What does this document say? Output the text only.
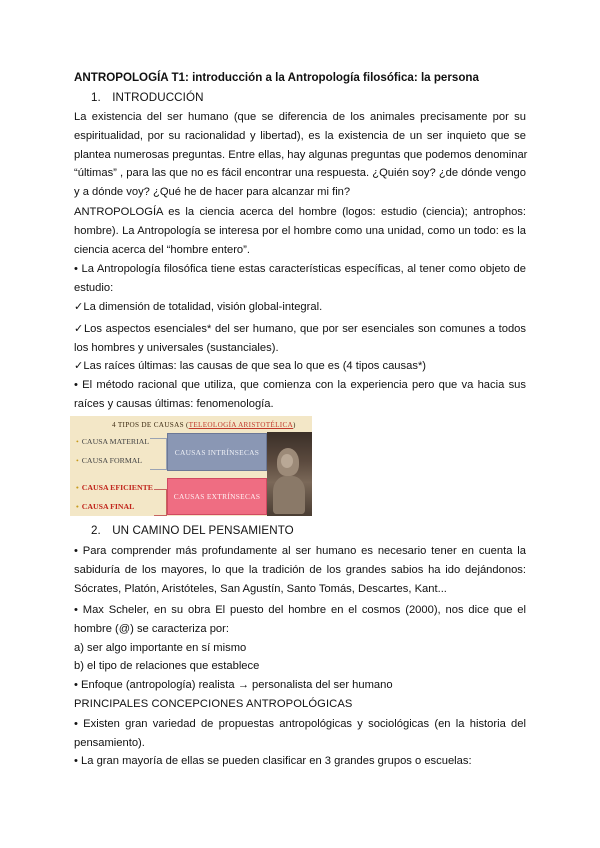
ANTROPOLOGÍA T1: introducción a la Antropología filosófica: la persona
1. INTRODUCCIÓN
La existencia del ser humano (que se diferencia de los animales precisamente por su
espiritualidad, por su racionalidad y libertad), es la existencia de un ser inquieto que se
plantea numerosas preguntas. Entre ellas, hay algunas preguntas que podemos denominar
“últimas” , para las que no es fácil encontrar una respuesta. ¿Quién soy? ¿de dónde vengo
y a dónde voy? ¿Qué he de hacer para alcanzar mi fin?
ANTROPOLOGÍA es la ciencia acerca del hombre (logos: estudio (ciencia); antrophos:
hombre). La Antropología se interesa por el hombre como una unidad, como un todo: es la
ciencia acerca del “hombre entero”.
• La Antropología filosófica tiene estas características específicas, al tener como objeto de
estudio:
✓La dimensión de totalidad, visión global-integral.
✓Los aspectos esenciales* del ser humano, que por ser esenciales son comunes a todos
los hombres y universales (sustanciales).
✓Las raíces últimas: las causas de que sea lo que es (4 tipos causas*)
• El método racional que utiliza, que comienza con la experiencia pero que va hacia sus
raíces y causas últimas: fenomenología.
4 TIPOS DE CAUSAS (TELEOLOGÍA ARISTOTÉLICA)
• CAUSA MATERIAL
• CAUSA FORMAL
• CAUSA EFICIENTE
• CAUSA FINAL
CAUSAS INTRÍNSECAS
CAUSAS EXTRÍNSECAS
2. UN CAMINO DEL PENSAMIENTO
• Para comprender más profundamente al ser humano es necesario tener en cuenta la
sabiduría de los mayores, lo que la tradición de los grandes sabios ha ido dejándonos:
Sócrates, Platón, Aristóteles, San Agustín, Santo Tomás, Descartes, Kant...
• Max Scheler, en su obra El puesto del hombre en el cosmos (2000), nos dice que el
hombre (@) se caracteriza por:
a) ser algo importante en sí mismo
b) el tipo de relaciones que establece
• Enfoque (antropología) realista → personalista del ser humano
PRINCIPALES CONCEPCIONES ANTROPOLÓGICAS
• Existen gran variedad de propuestas antropológicas y sociológicas (en la historia del
pensamiento).
• La gran mayoría de ellas se pueden clasificar en 3 grandes grupos o escuelas:
